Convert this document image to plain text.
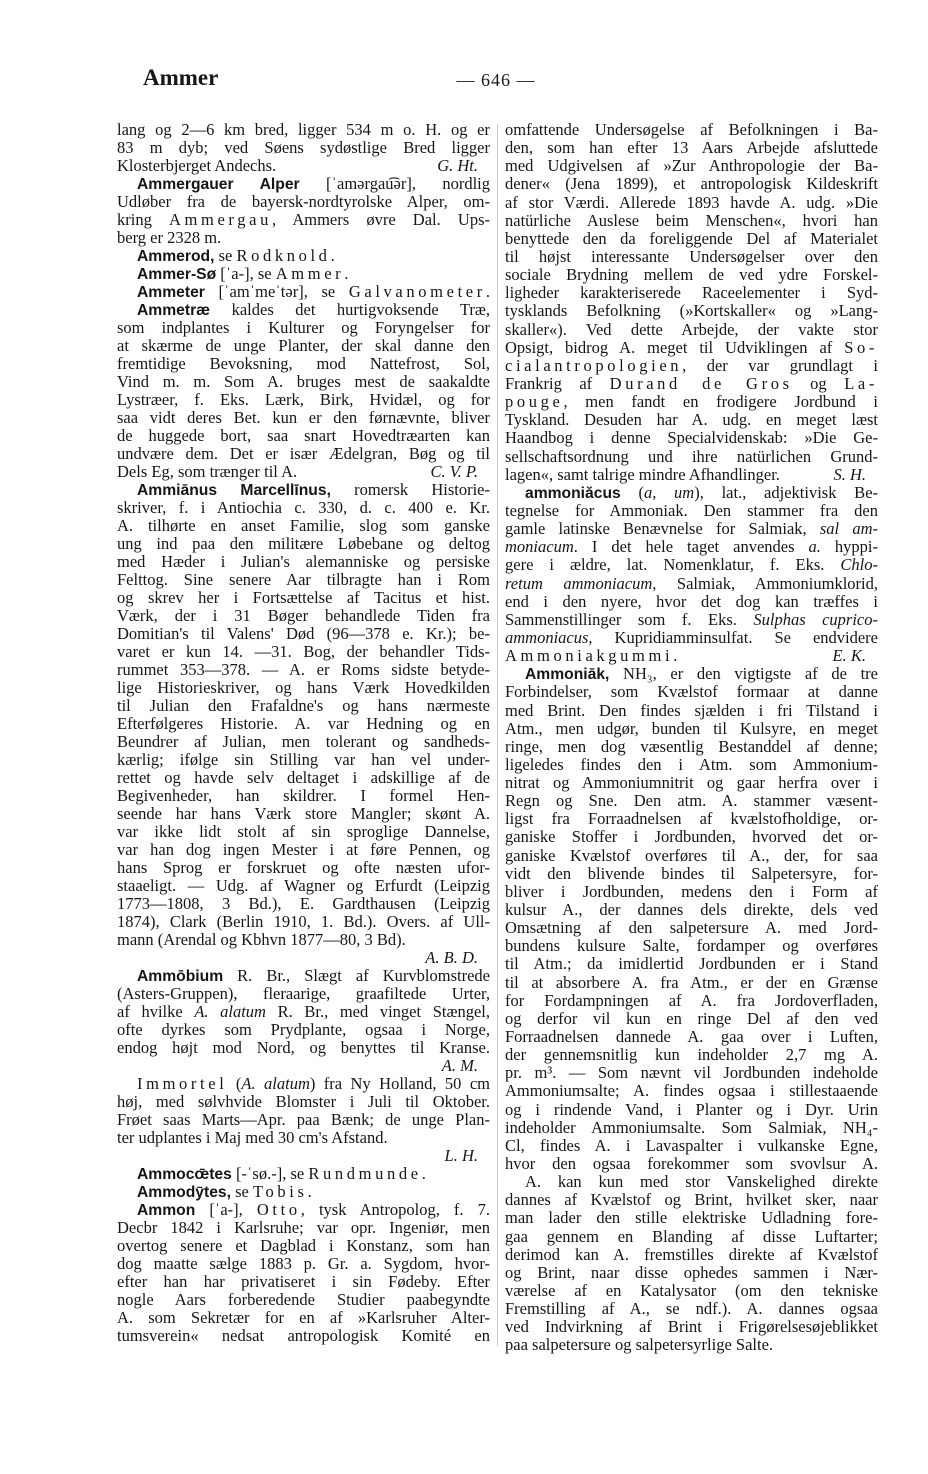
Ammer	— 646 —
lang og 2—6 km bred, ligger 534 m o. H. og er
83 m dyb; ved Søens sydøstlige Bred ligger
Klosterbjerget Andechs.	G. Ht.
Ammergauer Alper [ˈamərgau͡ər], nordlig
Udløber fra de bayersk-nordtyrolske Alper, om-
kring Ammergau, Ammers øvre Dal. Ups-
berg er 2328 m.
Ammerod, se Rodknold.
Ammer-Sø [ˈa-], se Ammer.
Ammeter [ˈamˈmeˈtər], se Galvanometer.
Ammetræ kaldes det hurtigvoksende Træ,
som indplantes i Kulturer og Foryngelser for
at skærme de unge Planter, der skal danne den
fremtidige Bevoksning, mod Nattefrost, Sol,
Vind m. m. Som A. bruges mest de saakaldte
Lystræer, f. Eks. Lærk, Birk, Hvidæl, og for
saa vidt deres Bet. kun er den førnævnte, bliver
de huggede bort, saa snart Hovedtræarten kan
undvære dem. Det er især Ædelgran, Bøg og til
Dels Eg, som trænger til A.	C. V. P.
Ammiānus Marcellīnus, romersk Historie-
skriver, f. i Antiochia c. 330, d. c. 400 e. Kr.
A. tilhørte en anset Familie, slog som ganske
ung ind paa den militære Løbebane og deltog
med Hæder i Julian's alemanniske og persiske
Felttog. Sine senere Aar tilbragte han i Rom
og skrev her i Fortsættelse af Tacitus et hist.
Værk, der i 31 Bøger behandlede Tiden fra
Domitian's til Valens' Død (96—378 e. Kr.); be-
varet er kun 14. —31. Bog, der behandler Tids-
rummet 353—378. — A. er Roms sidste betyde-
lige Historieskriver, og hans Værk Hovedkilden
til Julian den Frafaldne's og hans nærmeste
Efterfølgeres Historie. A. var Hedning og en
Beundrer af Julian, men tolerant og sandheds-
kærlig; ifølge sin Stilling var han vel under-
rettet og havde selv deltaget i adskillige af de
Begivenheder, han skildrer. I formel Hen-
seende har hans Værk store Mangler; skønt A.
var ikke lidt stolt af sin sproglige Dannelse,
var han dog ingen Mester i at føre Pennen, og
hans Sprog er forskruet og ofte næsten ufor-
staaeligt. — Udg. af Wagner og Erfurdt (Leipzig
1773—1808, 3 Bd.), E. Gardthausen (Leipzig
1874), Clark (Berlin 1910, 1. Bd.). Overs. af Ull-
mann (Arendal og Kbhvn 1877—80, 3 Bd).
A. B. D.
Ammōbium R. Br., Slægt af Kurvblomstrede
(Asters-Gruppen), fleraarige, graafiltede Urter,
af hvilke A. alatum R. Br., med vinget Stængel,
ofte dyrkes som Prydplante, ogsaa i Norge,
endog højt mod Nord, og benyttes til Kranse.
A. M.
Immortel (A. alatum) fra Ny Holland, 50 cm
høj, med sølvhvide Blomster i Juli til Oktober.
Frøet saas Marts—Apr. paa Bænk; de unge Plan-
ter udplantes i Maj med 30 cm's Afstand.
L. H.
Ammocœ̄tes [-ˈsø.-], se Rundmunde.
Ammodȳtes, se Tobis.
Ammon [ˈa-], Otto, tysk Antropolog, f. 7.
Decbr 1842 i Karlsruhe; var opr. Ingeniør, men
overtog senere et Dagblad i Konstanz, som han
dog maatte sælge 1883 p. Gr. a. Sygdom, hvor-
efter han har privatiseret i sin Fødeby. Efter
nogle Aars forberedende Studier paabegyndte
A. som Sekretær for en af »Karlsruher Alter-
tumsverein« nedsat antropologisk Komité en
omfattende Undersøgelse af Befolkningen i Ba-
den, som han efter 13 Aars Arbejde afsluttede
med Udgivelsen af »Zur Anthropologie der Ba-
dener« (Jena 1899), et antropologisk Kildeskrift
af stor Værdi. Allerede 1893 havde A. udg. »Die
natürliche Auslese beim Menschen«, hvori han
benyttede den da foreliggende Del af Materialet
til højst interessante Undersøgelser over den
sociale Brydning mellem de ved ydre Forskel-
ligheder karakteriserede Raceelementer i Syd-
tysklands Befolkning (»Kortskaller« og »Lang-
skaller«). Ved dette Arbejde, der vakte stor
Opsigt, bidrog A. meget til Udviklingen af So-
cialantropologien, der var grundlagt i
Frankrig af Durand de Gros og La-
pouge, men fandt en frodigere Jordbund i
Tyskland. Desuden har A. udg. en meget læst
Haandbog i denne Specialvidenskab: »Die Ge-
sellschaftsordnung und ihre natürlichen Grund-
lagen«, samt talrige mindre Afhandlinger.	S. H.
ammoniăcus (a, um), lat., adjektivisk Be-
tegnelse for Ammoniak. Den stammer fra den
gamle latinske Benævnelse for Salmiak, sal am-
moniacum. I det hele taget anvendes a. hyppi-
gere i ældre, lat. Nomenklatur, f. Eks. Chlo-
retum ammoniacum, Salmiak, Ammoniumklorid,
end i den nyere, hvor det dog kan træffes i
Sammenstillinger som f. Eks. Sulphas cuprico-
ammoniacus, Kupridiamminsulfat. Se endvidere
Ammoniakgummi.	E. K.
Ammoniāk, NH₃, er den vigtigste af de tre
Forbindelser, som Kvælstof formaar at danne
med Brint. Den findes sjælden i fri Tilstand i
Atm., men udgør, bunden til Kulsyre, en meget
ringe, men dog væsentlig Bestanddel af denne;
ligeledes findes den i Atm. som Ammonium-
nitrat og Ammoniumnitrit og gaar herfra over i
Regn og Sne. Den atm. A. stammer væsent-
ligst fra Forraadnelsen af kvælstofholdige, or-
ganiske Stoffer i Jordbunden, hvorved det or-
ganiske Kvælstof overføres til A., der, for saa
vidt den blivende bindes til Salpetersyre, for-
bliver i Jordbunden, medens den i Form af
kulsur A., der dannes dels direkte, dels ved
Omsætning af den salpetersure A. med Jord-
bundens kulsure Salte, fordamper og overføres
til Atm.; da imidlertid Jordbunden er i Stand
til at absorbere A. fra Atm., er der en Grænse
for Fordampningen af A. fra Jordoverfladen,
og derfor vil kun en ringe Del af den ved
Forraadnelsen dannede A. gaa over i Luften,
der gennemsnitlig kun indeholder 2,7 mg A.
pr. m³. — Som nævnt vil Jordbunden indeholde
Ammoniumsalte; A. findes ogsaa i stillestaaende
og i rindende Vand, i Planter og i Dyr. Urin
indeholder Ammoniumsalte. Som Salmiak, NH₄-
Cl, findes A. i Lavaspalter i vulkanske Egne,
hvor den ogsaa forekommer som svovlsur A.
A. kan kun med stor Vanskelighed direkte
dannes af Kvælstof og Brint, hvilket sker, naar
man lader den stille elektriske Udladning fore-
gaa gennem en Blanding af disse Luftarter;
derimod kan A. fremstilles direkte af Kvælstof
og Brint, naar disse ophedes sammen i Nær-
værelse af en Katalysator (om den tekniske
Fremstilling af A., se ndf.). A. dannes ogsaa
ved Indvirkning af Brint i Frigørelsesøjeblikket
paa salpetersure og salpetersyrlige Salte.
